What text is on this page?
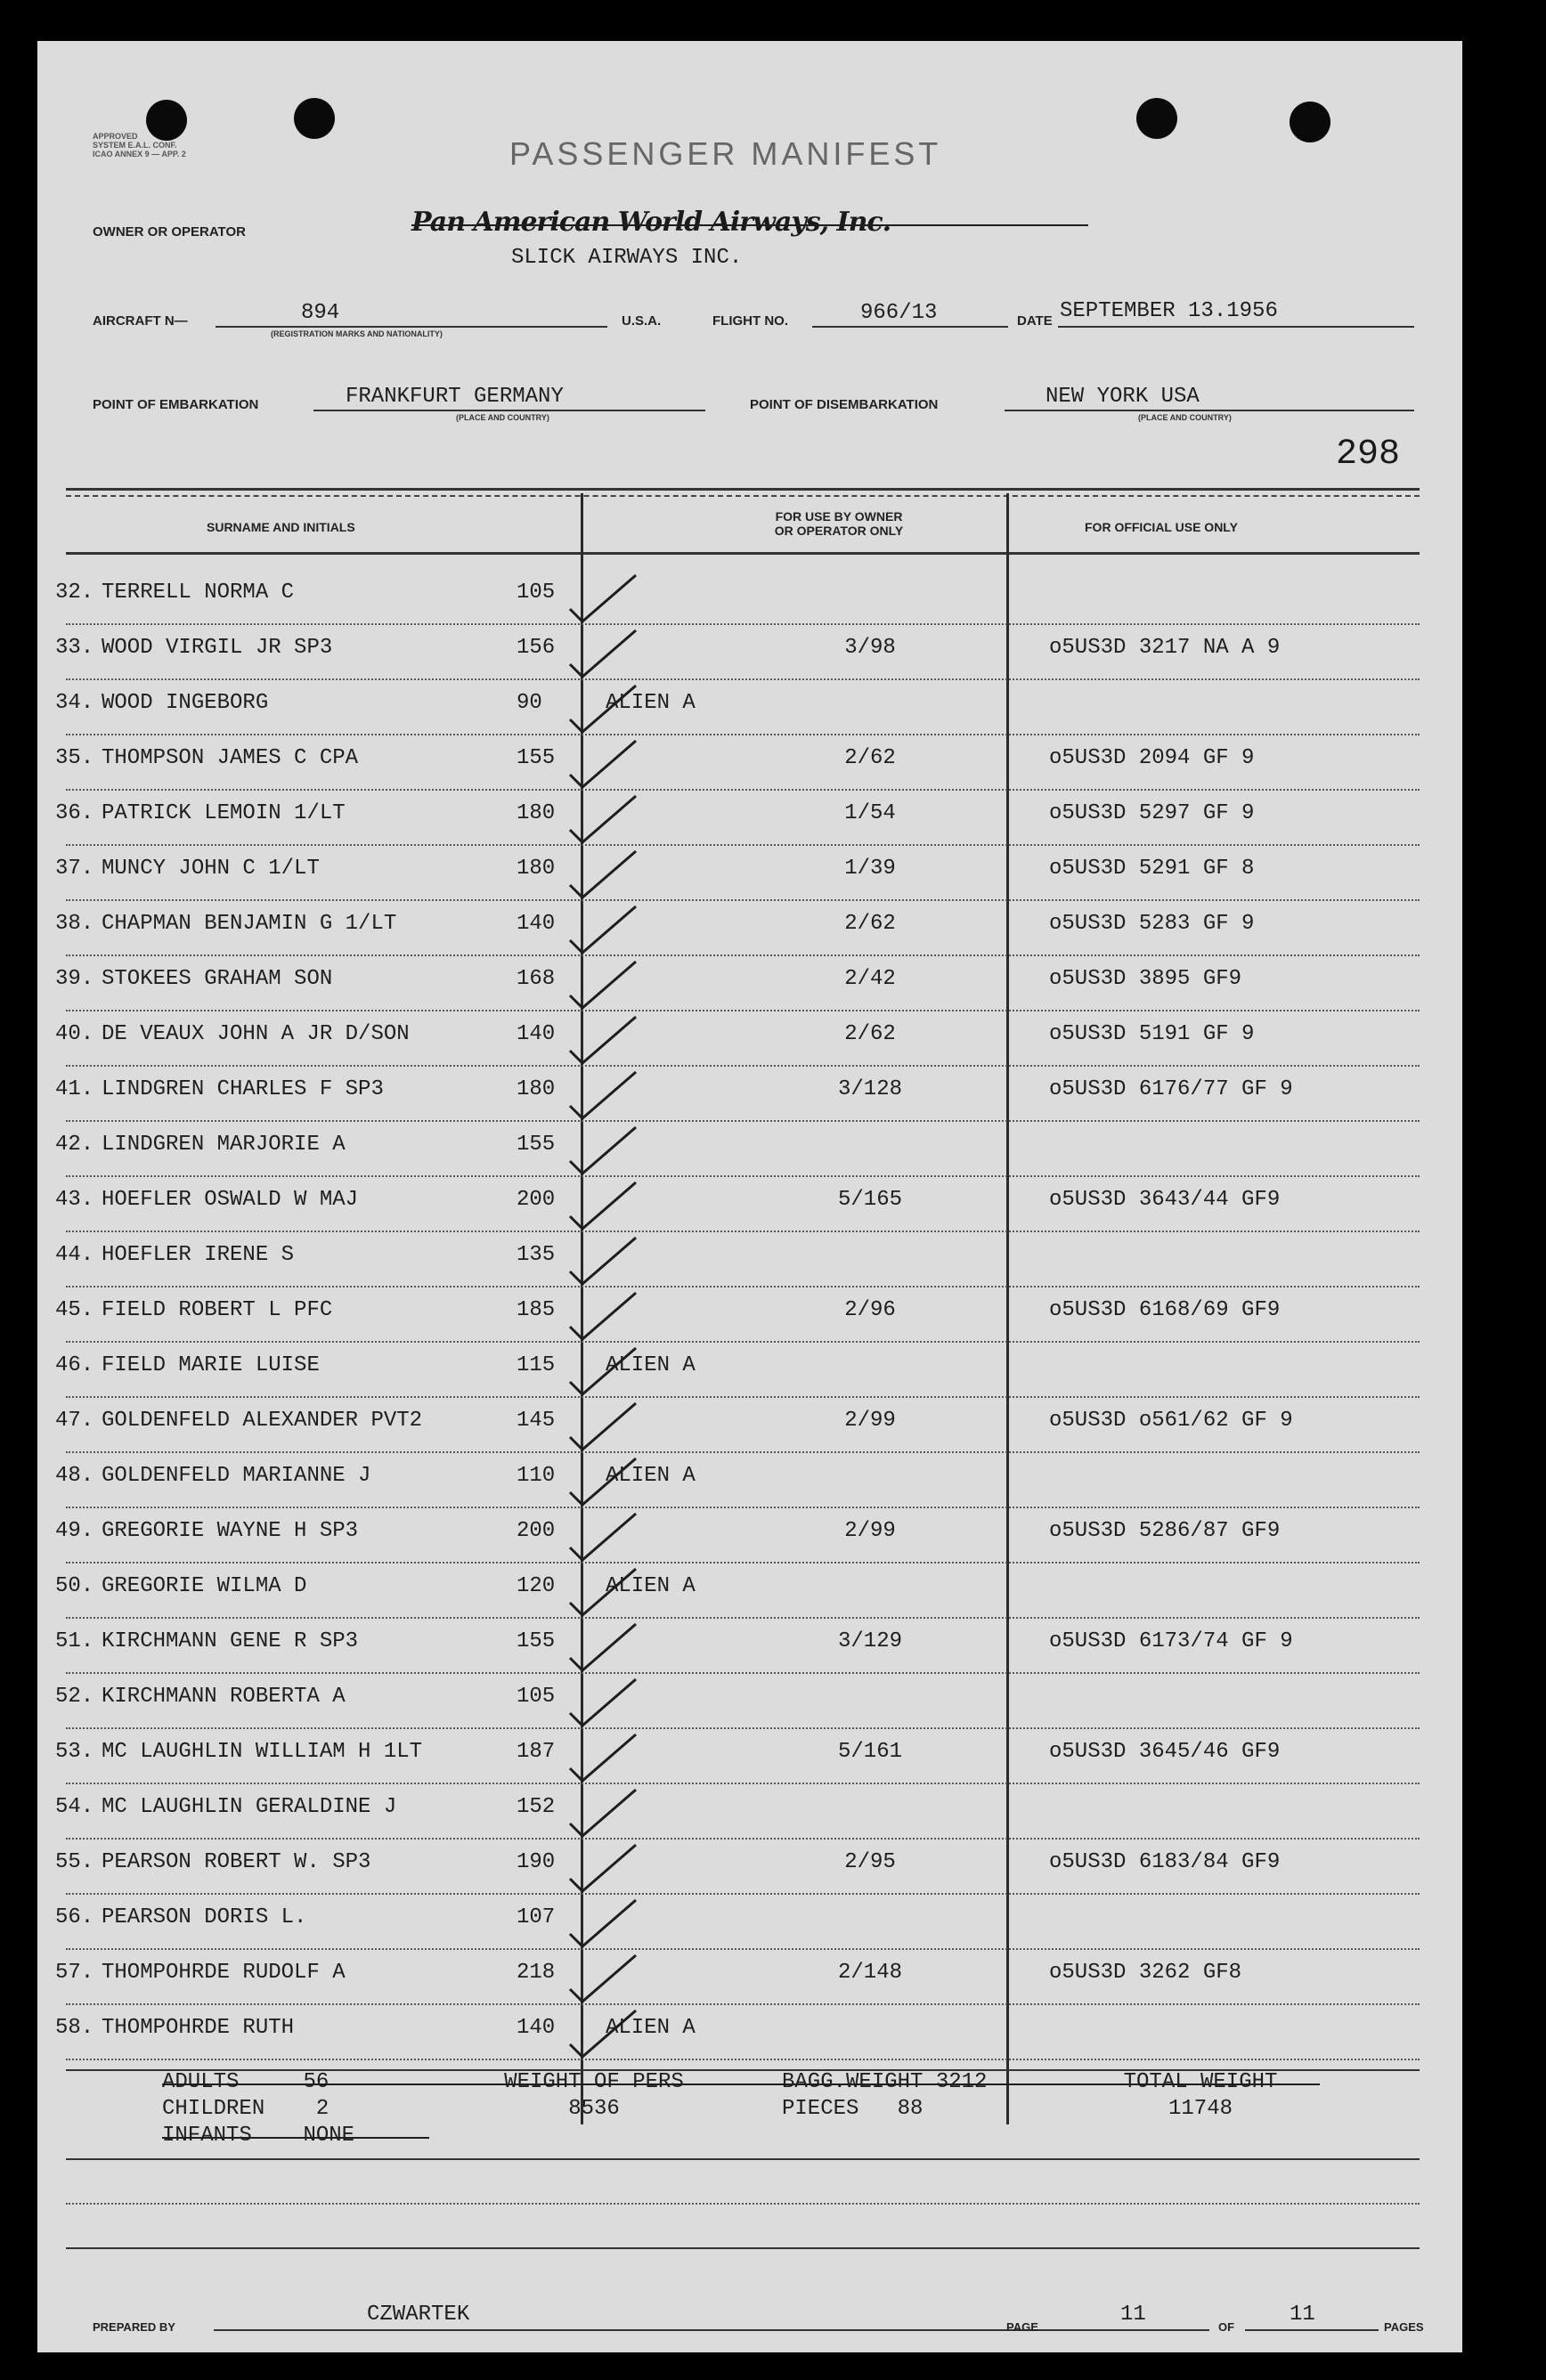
APPROVED
SYSTEM E.A.L. CONF.
ICAO ANNEX 9 — APP. 2	PASSENGER MANIFEST
OWNER OR OPERATOR	Pan American World Airways, Inc.
SLICK AIRWAYS INC.
AIRCRAFT N—	894
(REGISTRATION MARKS AND NATIONALITY)
U.S.A.	FLIGHT NO.	966/13	DATE SEPTEMBER 13.1956
POINT OF EMBARKATION	FRANKFURT GERMANY
(PLACE AND COUNTRY)
POINT OF DISEMBARKATION	NEW YORK USA
(PLACE AND COUNTRY)
298
SURNAME AND INITIALS
FOR USE BY OWNER
OR OPERATOR ONLY	FOR OFFICIAL USE ONLY
32. TERRELL NORMA C	105
33. WOOD VIRGIL JR SP3	156	3/98	o5US3D 3217 NA A 9
34. WOOD INGEBORG	90	ALIEN A
35. THOMPSON JAMES C CPA	155	2/62	o5US3D 2094 GF 9
36. PATRICK LEMOIN 1/LT	180	1/54	o5US3D 5297 GF 9
37. MUNCY JOHN C 1/LT	180	1/39	o5US3D 5291 GF 8
38. CHAPMAN BENJAMIN G 1/LT	140	2/62	o5US3D 5283 GF 9
39. STOKEES GRAHAM SON	168	2/42	o5US3D 3895 GF9
40. DE VEAUX JOHN A JR D/SON	140	2/62	o5US3D 5191 GF 9
41. LINDGREN CHARLES F SP3	180	3/128	o5US3D 6176/77 GF 9
42. LINDGREN MARJORIE A	155
43. HOEFLER OSWALD W MAJ	200	5/165	o5US3D 3643/44 GF9
44. HOEFLER IRENE S	135
45. FIELD ROBERT L PFC	185	2/96	o5US3D 6168/69 GF9
46. FIELD MARIE LUISE	115 ALIEN A
47. GOLDENFELD ALEXANDER PVT2	145	2/99	o5US3D o561/62 GF 9
48. GOLDENFELD MARIANNE J	110 ALIEN A
49. GREGORIE WAYNE H SP3	200	2/99	o5US3D 5286/87 GF9
50. GREGORIE WILMA D	120 ALIEN A
51. KIRCHMANN GENE R SP3	155	3/129	o5US3D 6173/74 GF 9
52. KIRCHMANN ROBERTA A	105
53. MC LAUGHLIN WILLIAM H 1LT	187	5/161	o5US3D 3645/46 GF9
54. MC LAUGHLIN GERALDINE J	152
55. PEARSON ROBERT W. SP3	190	2/95	o5US3D 6183/84 GF9
56. PEARSON DORIS L.	107
57. THOMPOHRDE RUDOLF A	218	2/148	o5US3D 3262 GF8
58. THOMPOHRDE RUTH	140 ALIEN A
ADULTS	56
CHILDREN 2
INFANTS NONE
WEIGHT OF PERS
8536
BAGG.WEIGHT 3212
PIECES 88
TOTAL WEIGHT
11748
PREPARED BY
CZWARTEK
PAGE
11
OF
11
PAGES
